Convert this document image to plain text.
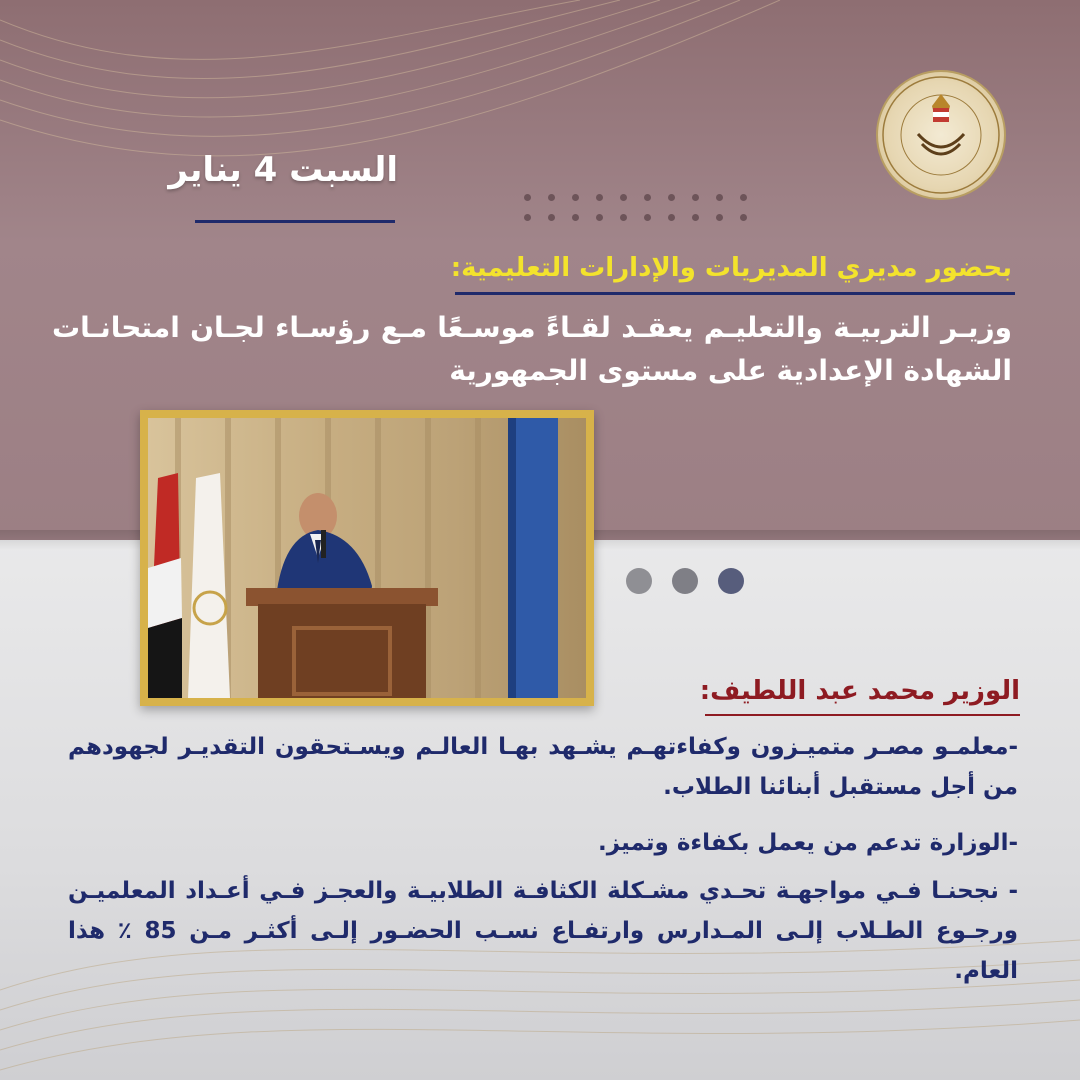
السبت 4 يناير
بحضور مديري المديريات والإدارات التعليمية:
وزيـر التربيـة والتعليـم يعقـد لقـاءً موسـعًا مـع رؤسـاء لجـان امتحانـات الشهادة الإعدادية على مستوى الجمهورية
الوزير محمد عبد اللطيف:
-معلمـو مصـر متميـزون وكفاءتهـم يشـهد بهـا العالـم ويسـتحقون التقديـر لجهودهم من أجل مستقبل أبنائنا الطلاب.
-الوزارة تدعم من يعمل بكفاءة وتميز.
- نجحنـا فـي مواجهـة تحـدي مشـكلة الكثافـة الطلابيـة والعجـز فـي أعـداد المعلميـن ورجـوع الطـلاب إلـى المـدارس وارتفـاع نسـب الحضـور إلـى أكثـر مـن 85 ٪ هذا العام.
